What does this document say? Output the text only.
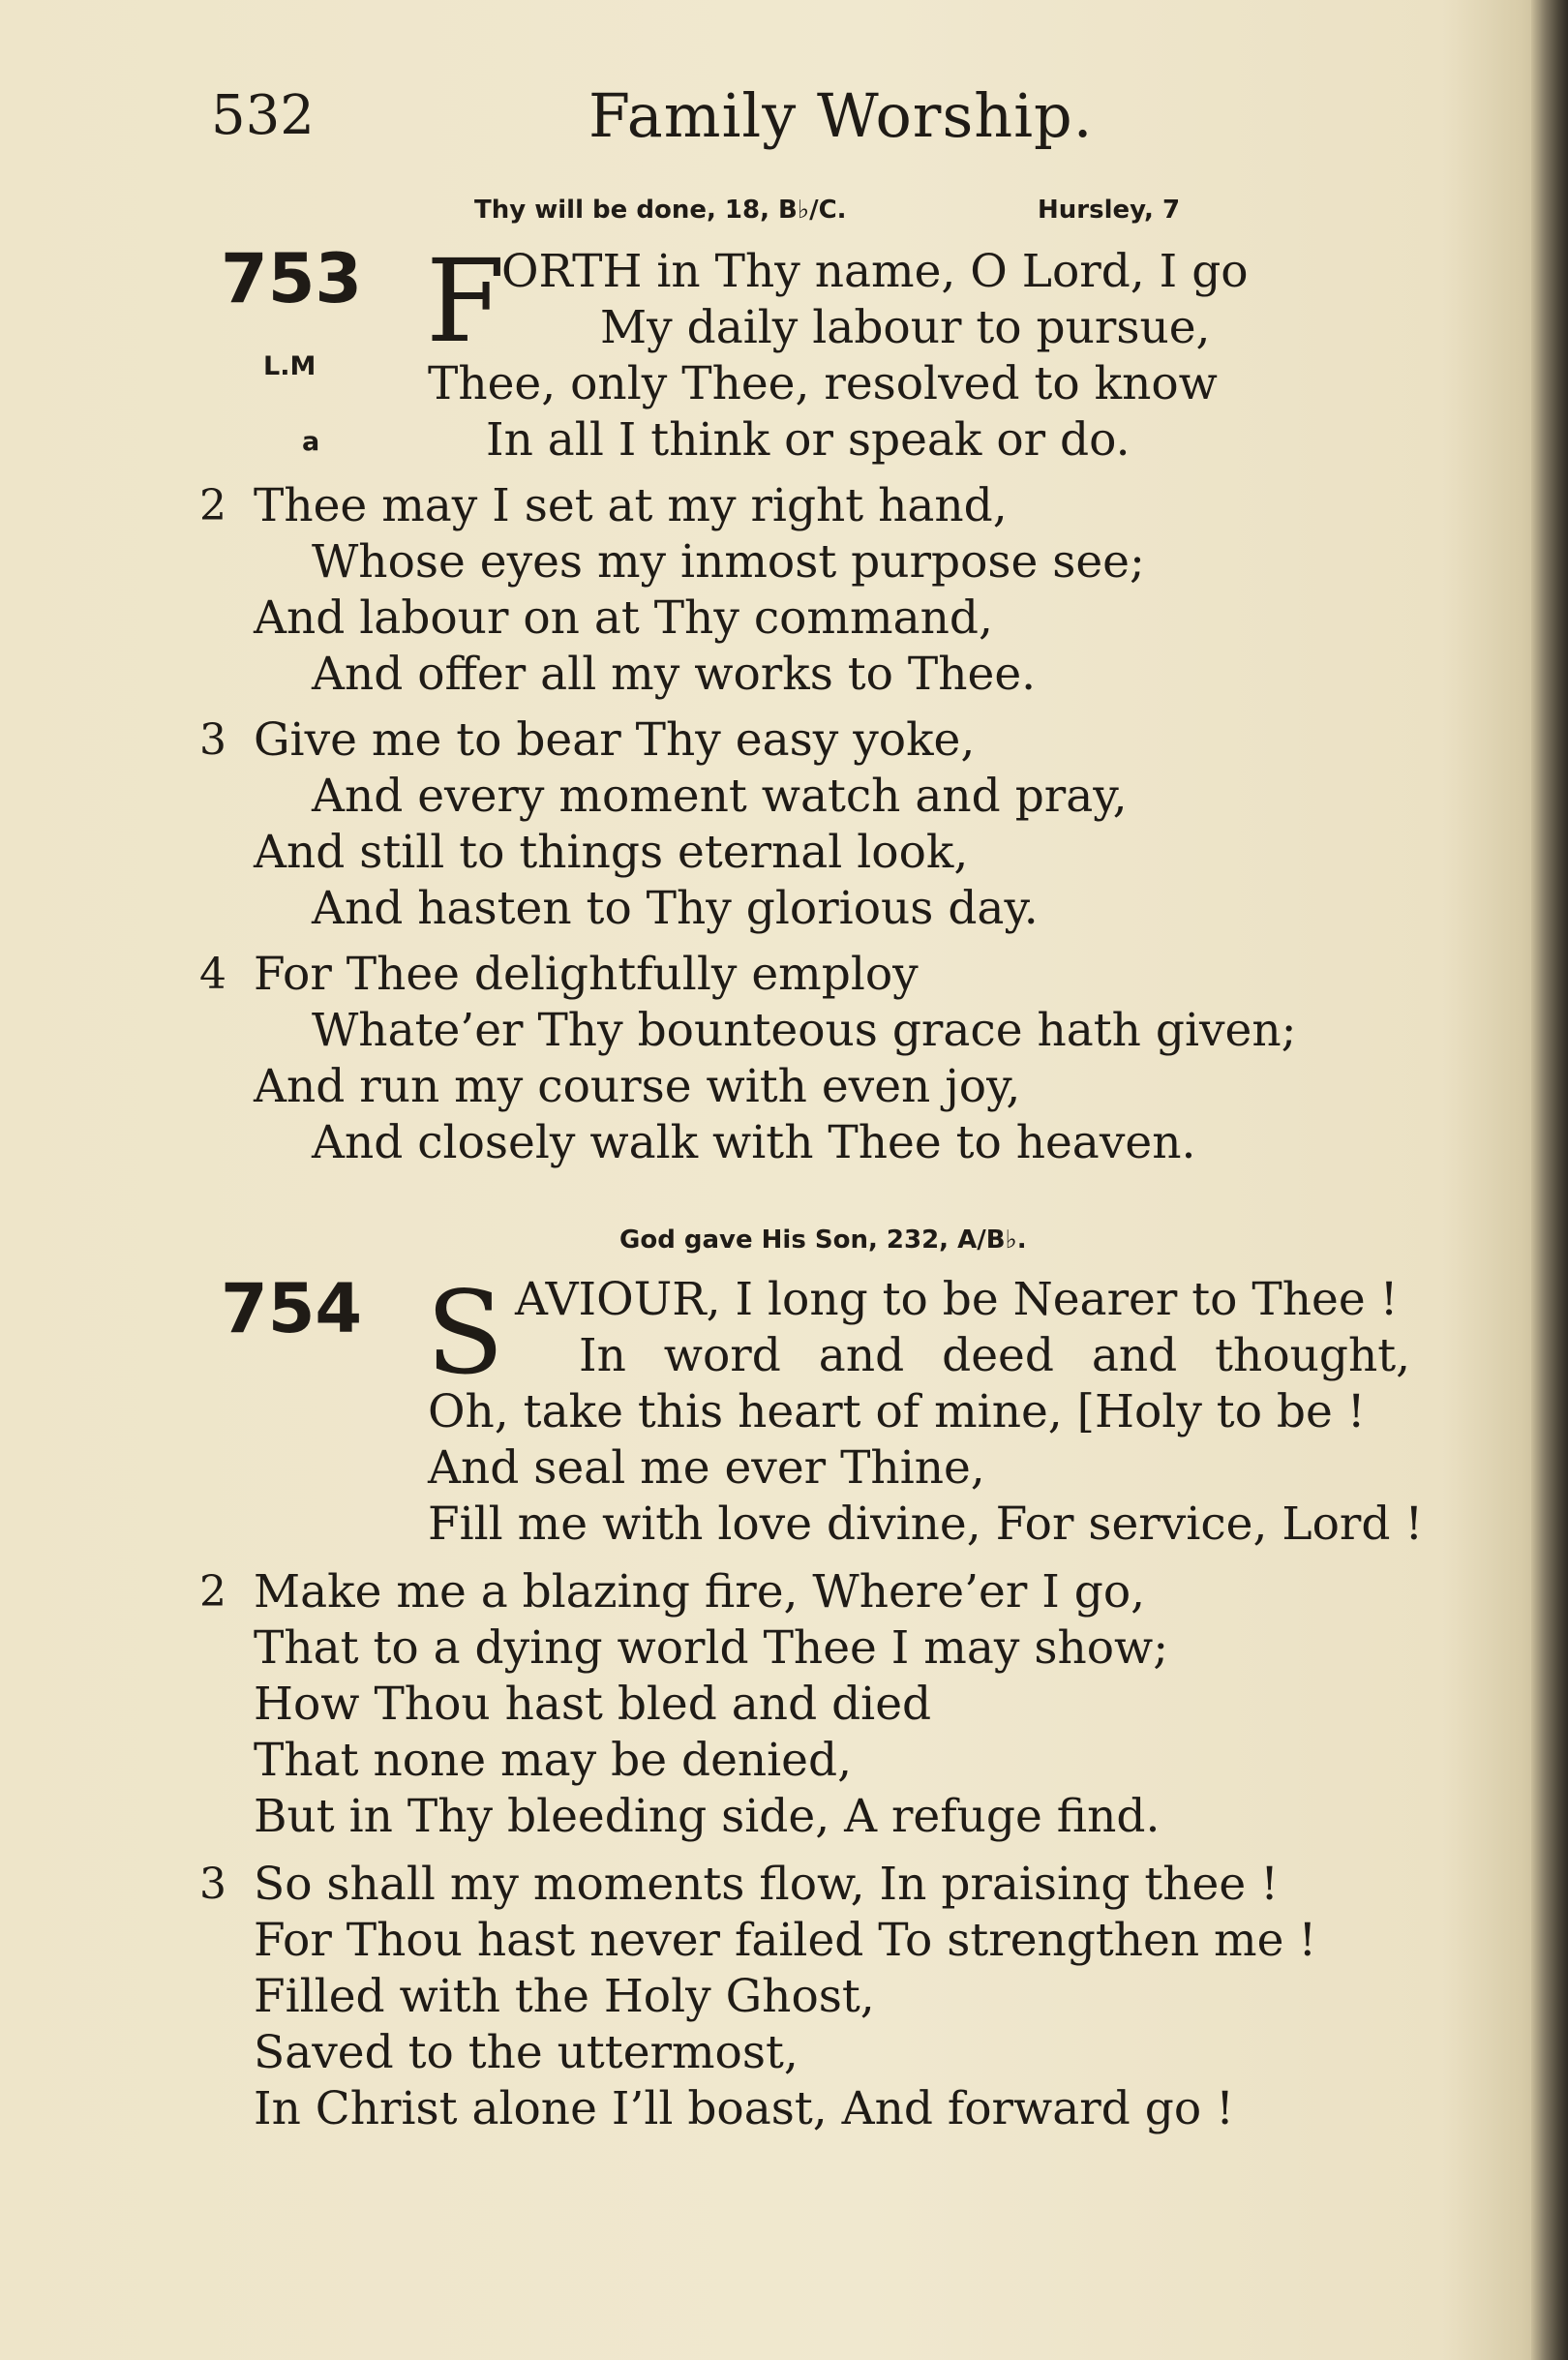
532	Family Worship.
Thy will be done, 18, B♭/C.	Hursley, 7
753
L.M
a
F
ORTH in Thy name, O Lord, I go
My daily labour to pursue,
Thee, only Thee, resolved to know
In all I think or speak or do.
2 Thee may I set at my right hand,
Whose eyes my inmost purpose see;
And labour on at Thy command,
And offer all my works to Thee.
3 Give me to bear Thy easy yoke,
And every moment watch and pray,
And still to things eternal look,
And hasten to Thy glorious day.
4 For Thee delightfully employ
Whate’er Thy bounteous grace hath given;
And run my course with even joy,
And closely walk with Thee to heaven.
God gave His Son, 232, A/B♭.
754 S AVIOUR, I long to be Nearer to Thee !
In word and deed and thought,
Oh, take this heart of mine, [Holy to be !
And seal me ever Thine,
Fill me with love divine, For service, Lord !
2 Make me a blazing fire, Where’er I go,
That to a dying world Thee I may show;
How Thou hast bled and died
That none may be denied,
But in Thy bleeding side, A refuge find.
3 So shall my moments flow, In praising thee !
For Thou hast never failed To strengthen me !
Filled with the Holy Ghost,
Saved to the uttermost,
In Christ alone I’ll boast, And forward go !
